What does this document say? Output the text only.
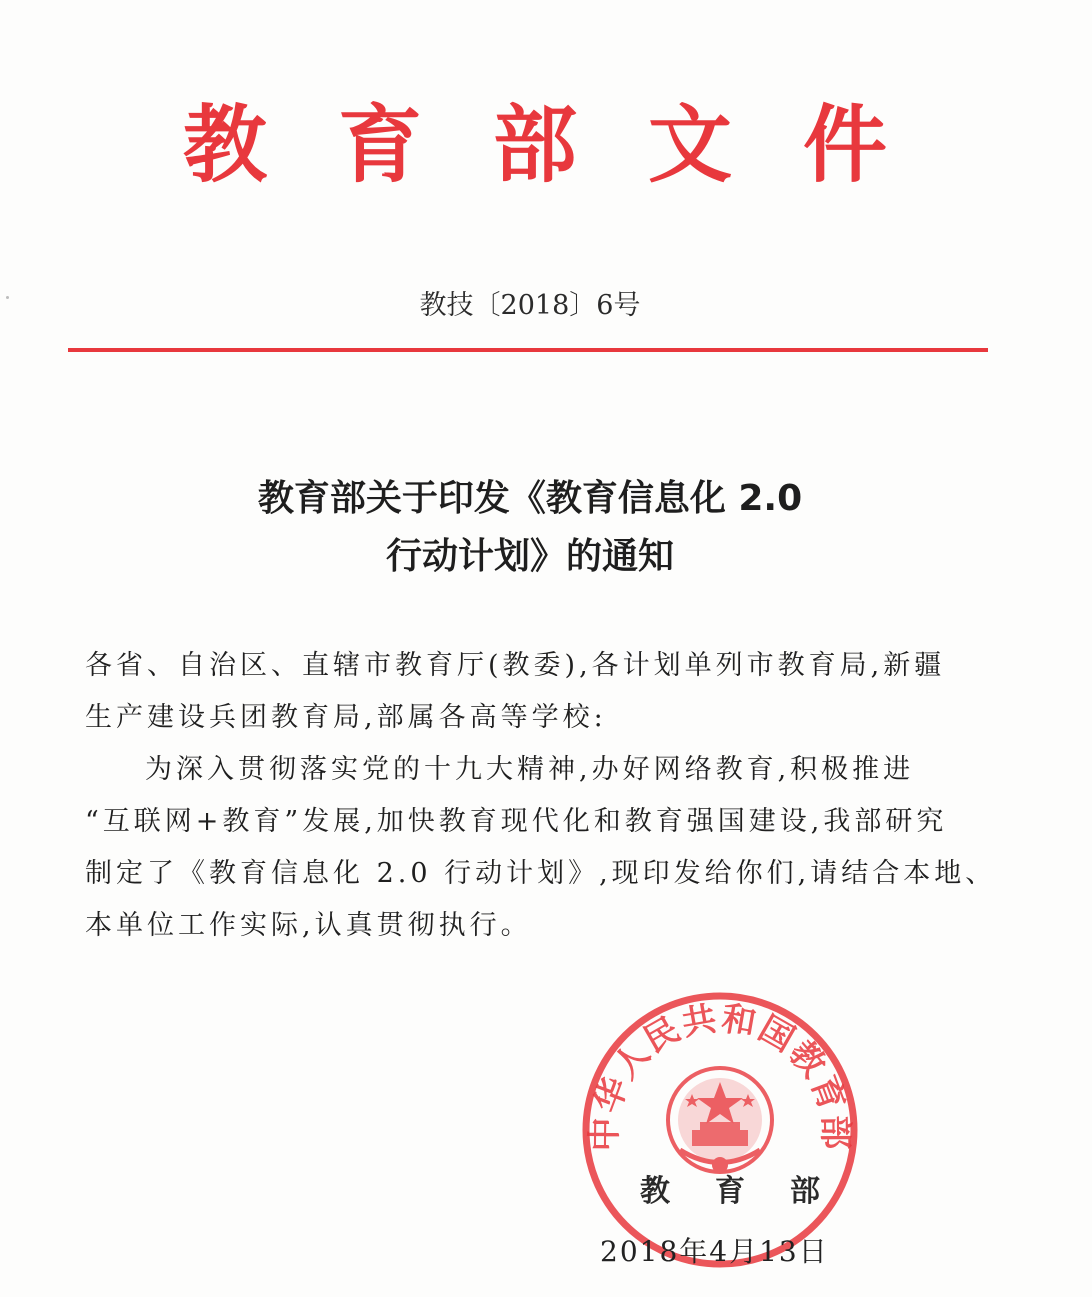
教 育 部 文 件
教技〔2018〕6号
教育部关于印发《教育信息化 2.0
行动计划》的通知

各省、自治区、直辖市教育厅(教委),各计划单列市教育局,新疆

生产建设兵团教育局,部属各高等学校:

为深入贯彻落实党的十九大精神,办好网络教育,积极推进

“互联网+教育”发展,加快教育现代化和教育强国建设,我部研究

制定了《教育信息化 2.0 行动计划》,现印发给你们,请结合本地、

本单位工作实际,认真贯彻执行。

中华人民共和国教育部
教 育 部
2018年4月13日
